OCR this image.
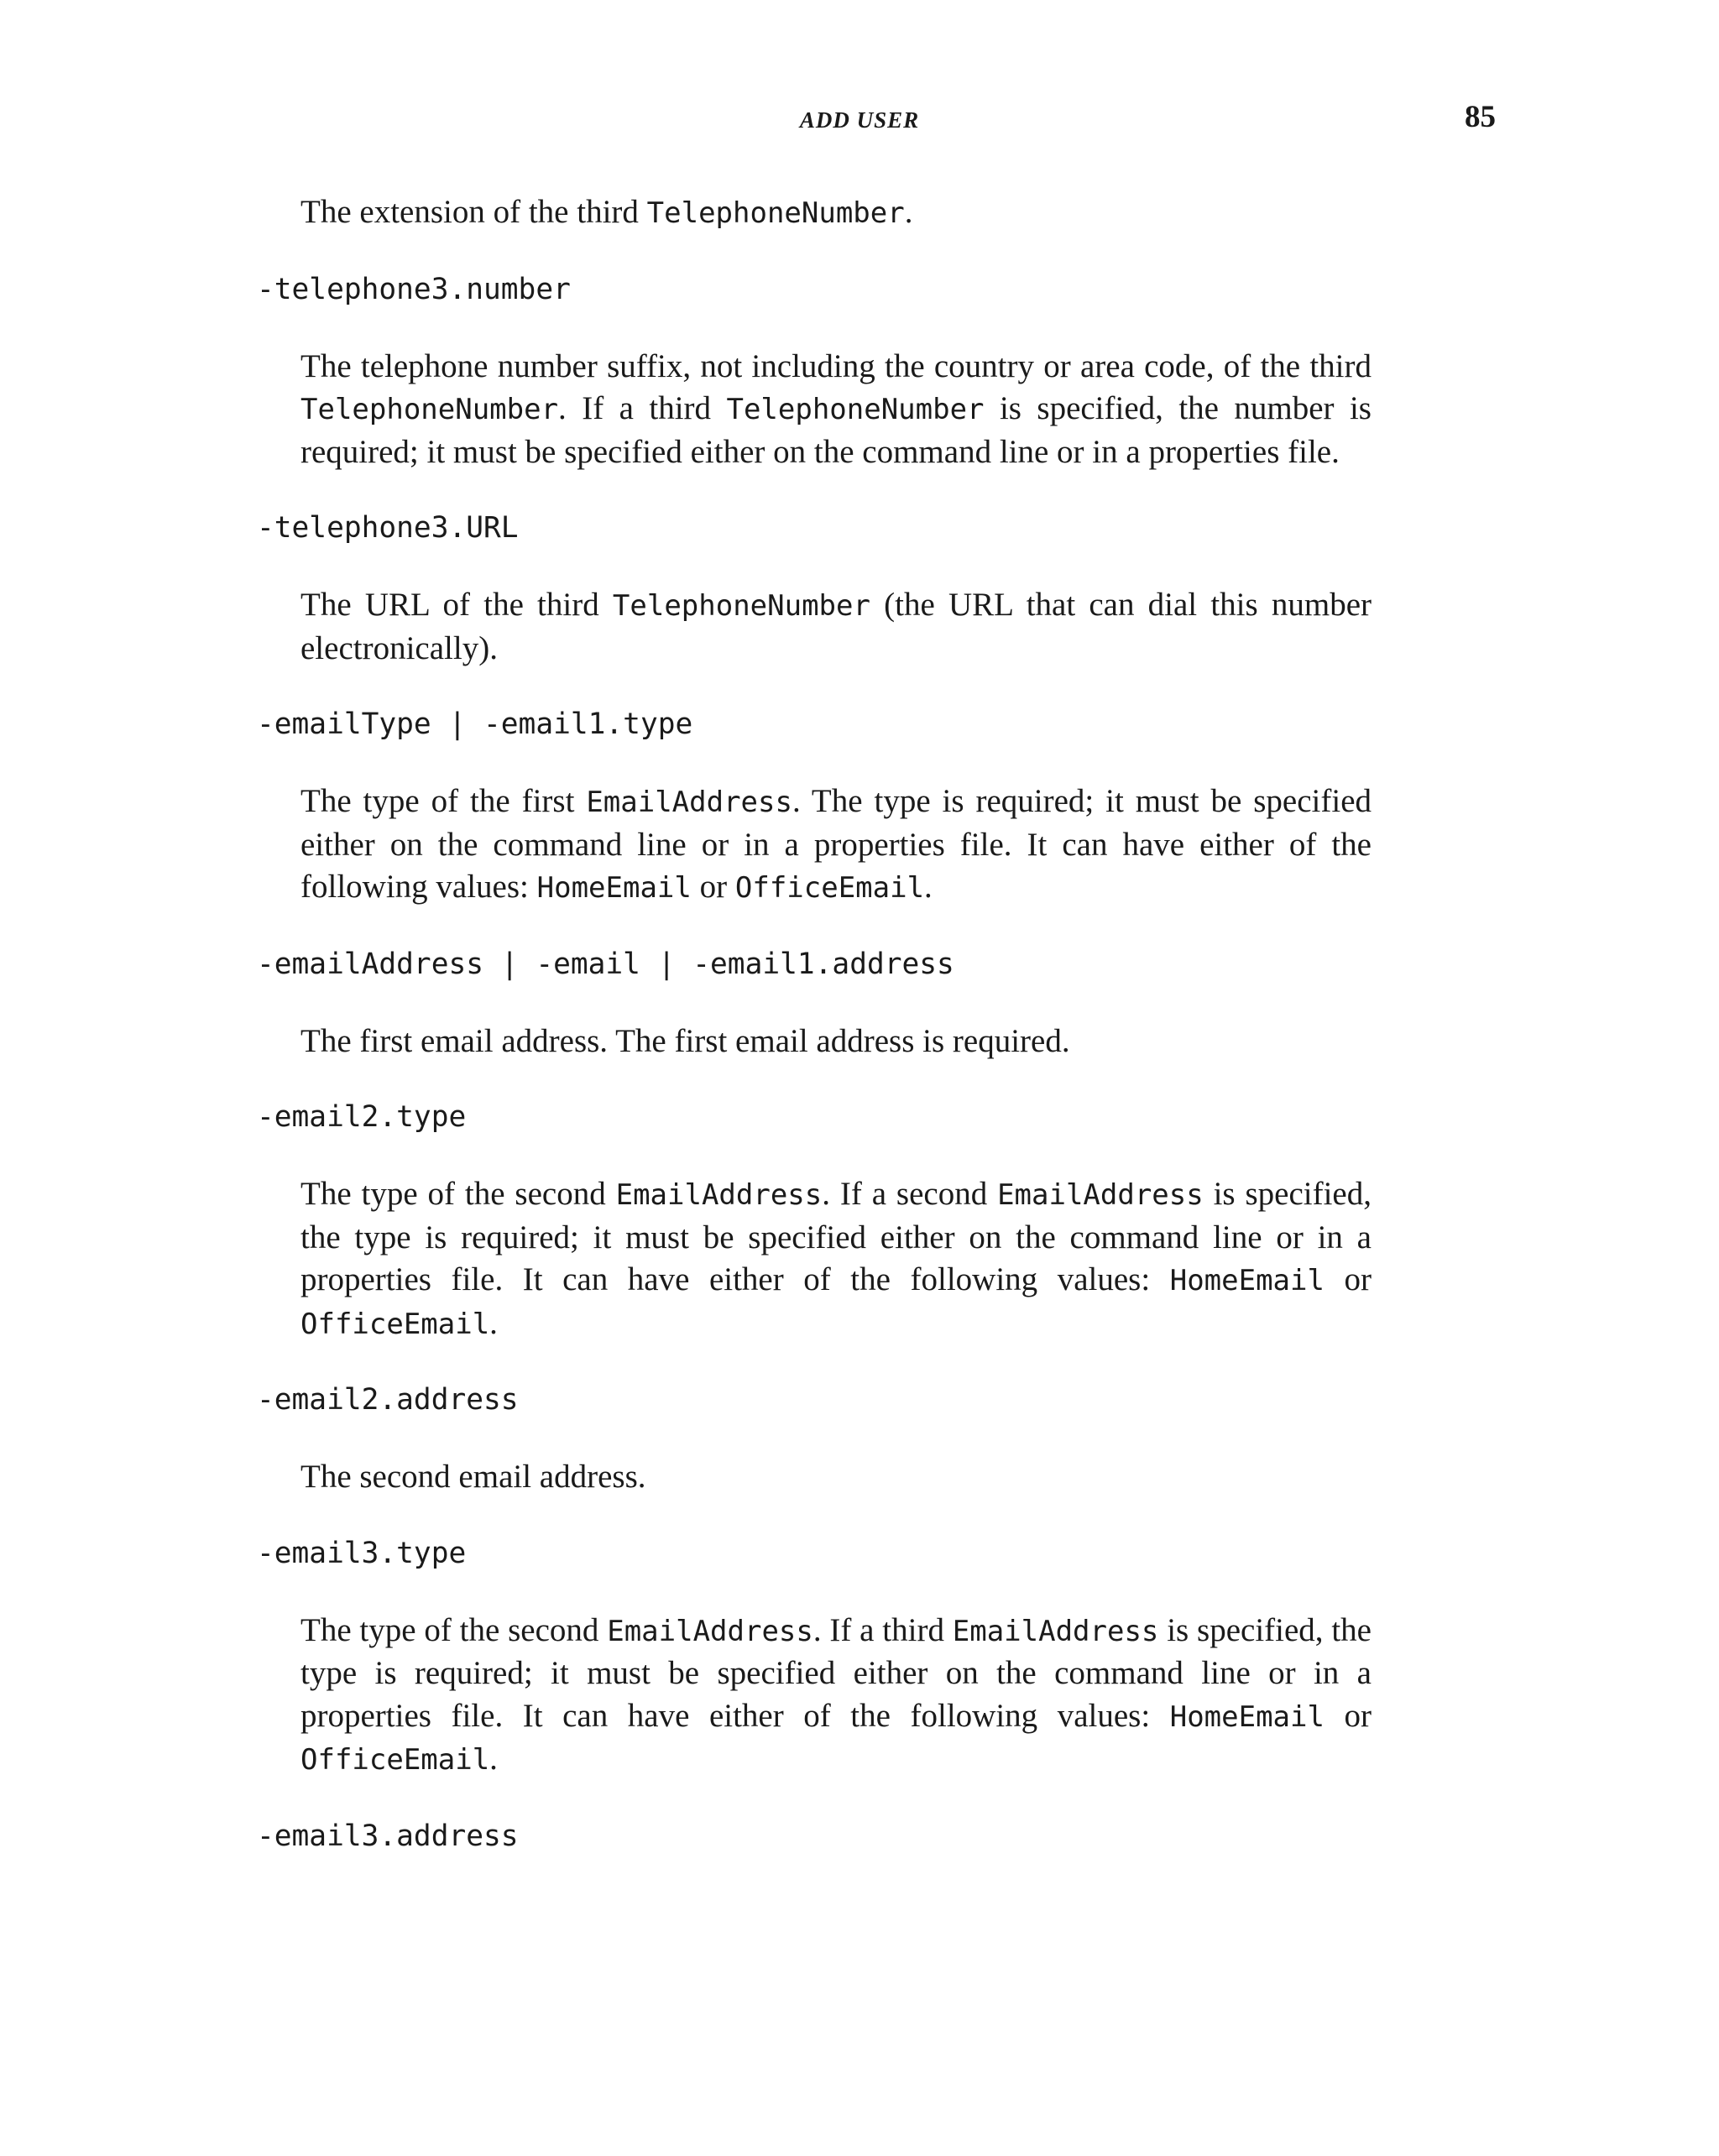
ADD USER	85

The extension of the third TelephoneNumber.

-telephone3.number

The telephone number suffix, not including the country or area code, of the third TelephoneNumber. If a third TelephoneNumber is specified, the number is required; it must be specified either on the command line or in a properties file.

-telephone3.URL

The URL of the third TelephoneNumber (the URL that can dial this number electronically).

-emailType | -email1.type

The type of the first EmailAddress. The type is required; it must be specified either on the command line or in a properties file. It can have either of the following values: HomeEmail or OfficeEmail.

-emailAddress | -email | -email1.address

The first email address. The first email address is required.

-email2.type

The type of the second EmailAddress. If a second EmailAddress is specified, the type is required; it must be specified either on the command line or in a properties file. It can have either of the following values: HomeEmail or OfficeEmail.

-email2.address

The second email address.

-email3.type

The type of the second EmailAddress. If a third EmailAddress is specified, the type is required; it must be specified either on the command line or in a properties file. It can have either of the following values: HomeEmail or OfficeEmail.

-email3.address
